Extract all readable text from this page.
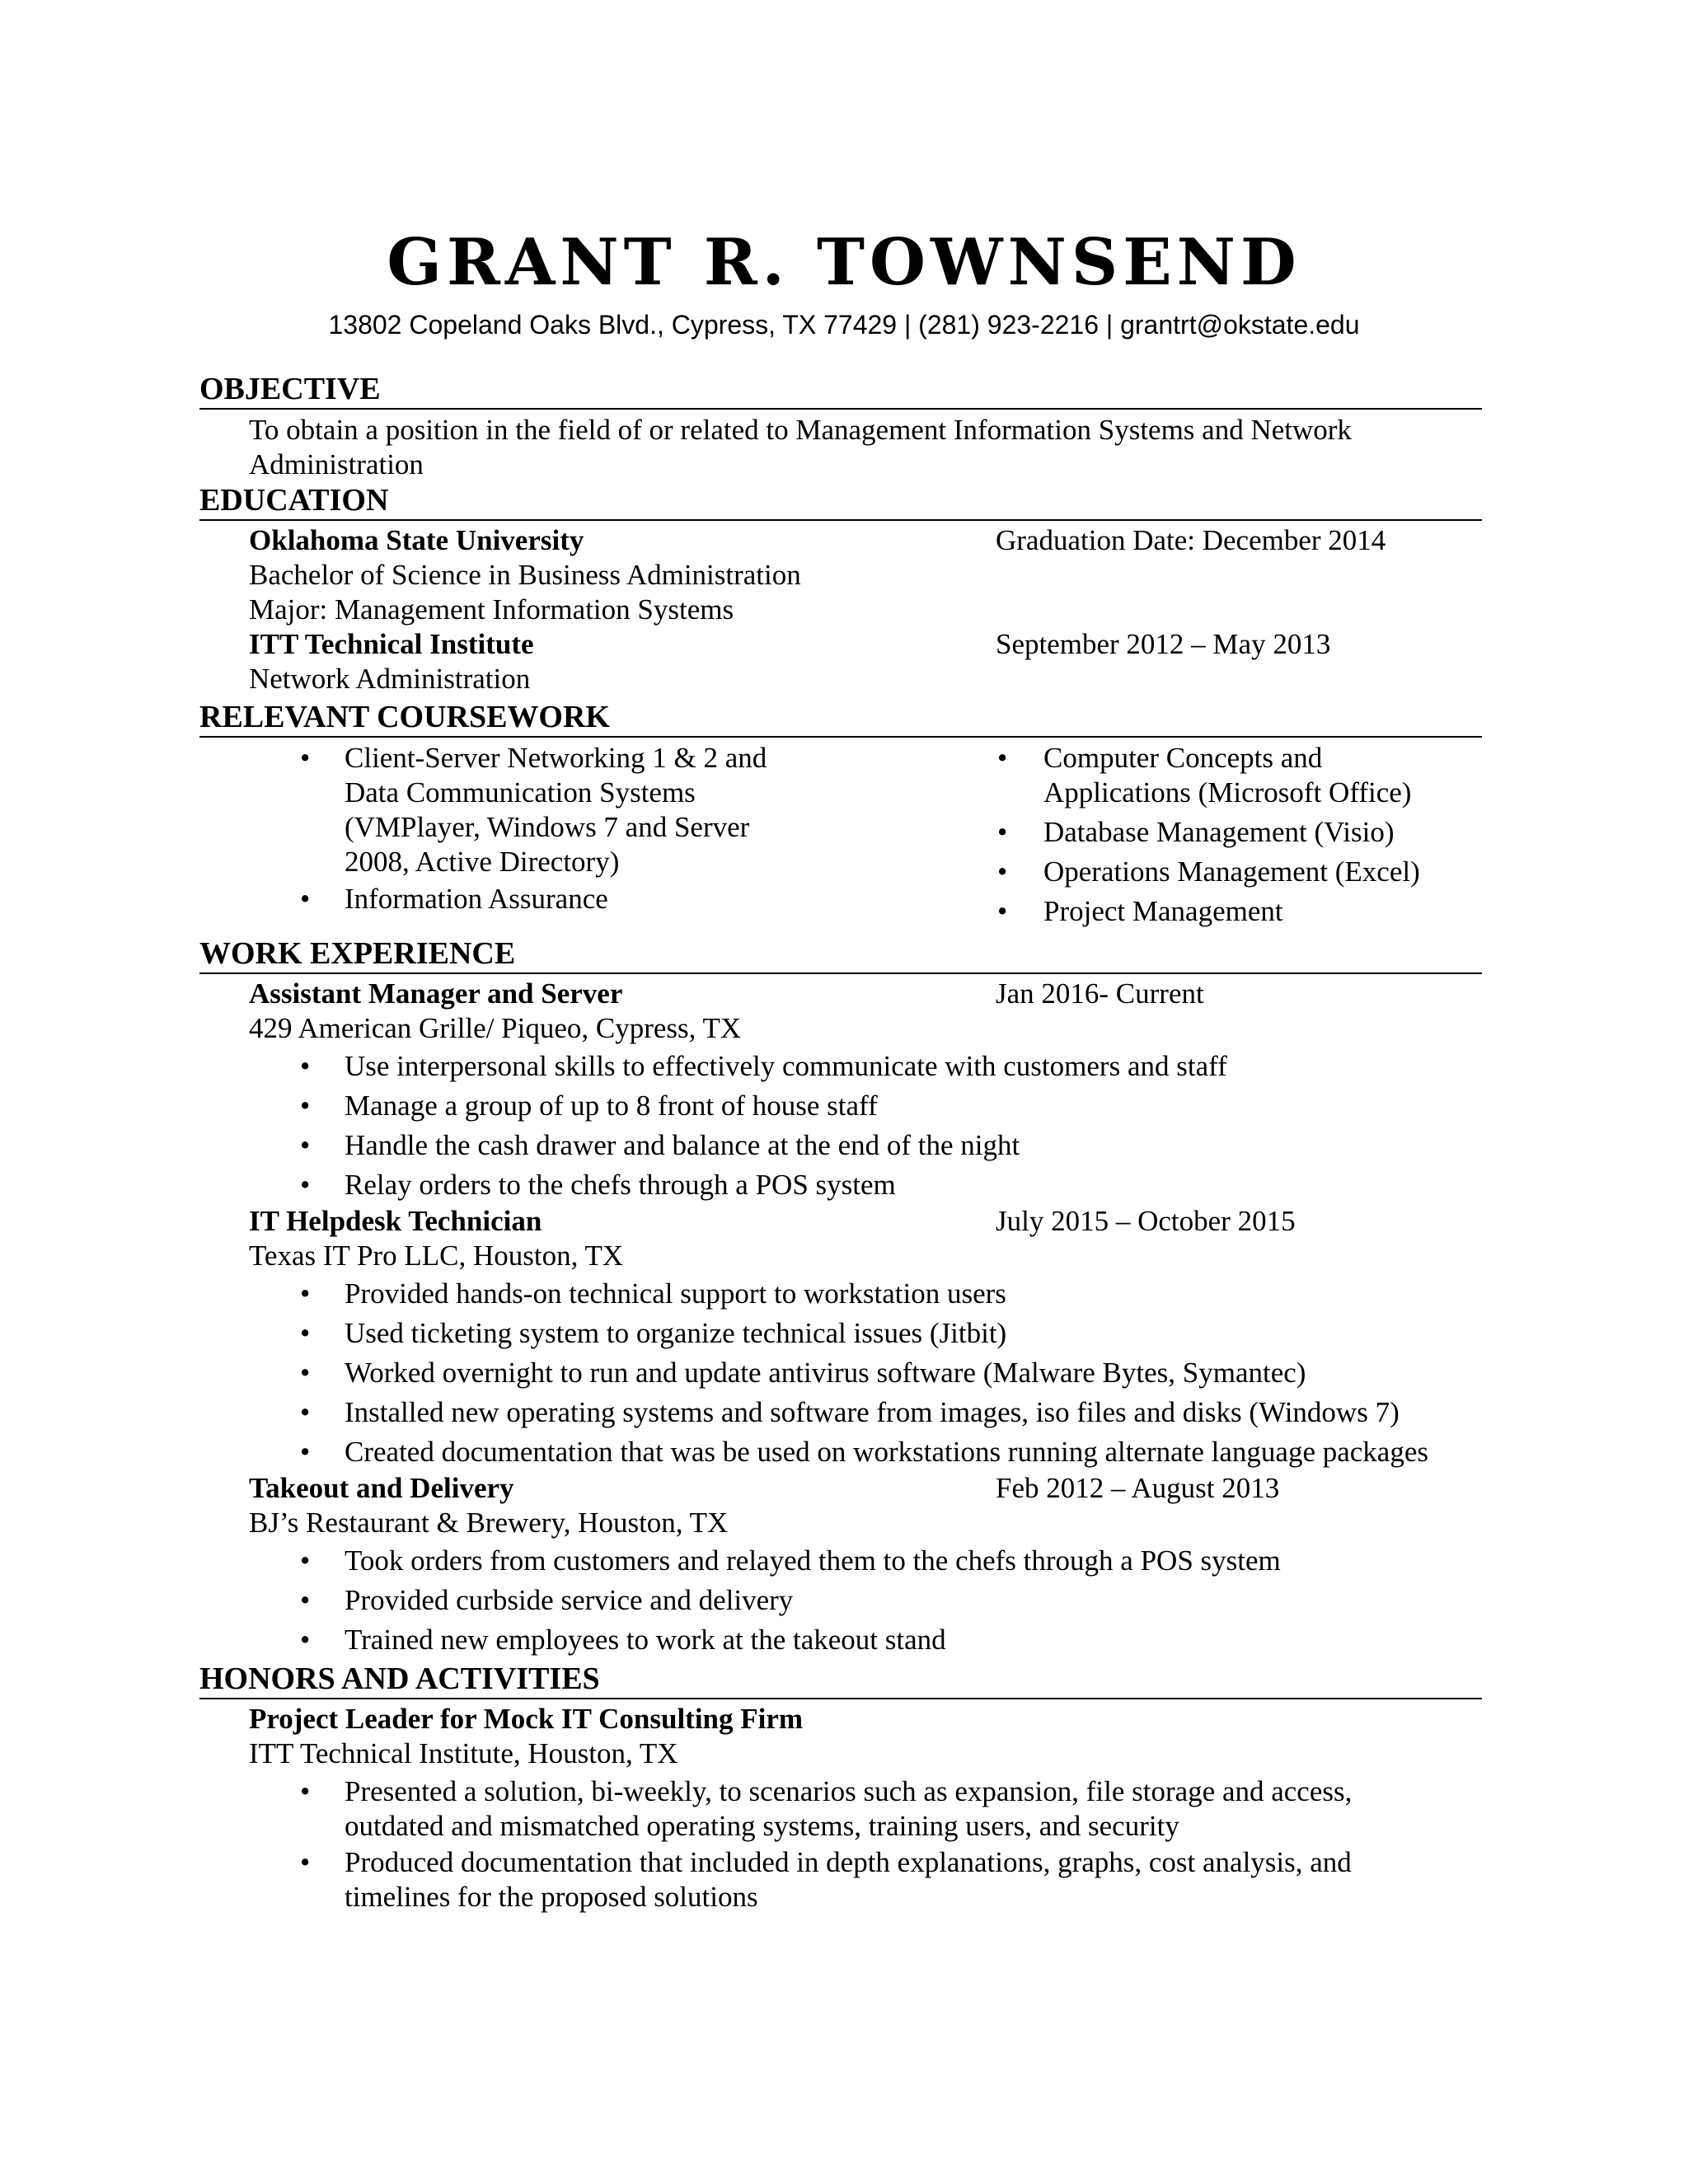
GRANT R. TOWNSEND
13802 Copeland Oaks Blvd., Cypress, TX 77429 | (281) 923-2216 | grantrt@okstate.edu
OBJECTIVE
To obtain a position in the field of or related to Management Information Systems and Network
Administration
EDUCATION
Oklahoma State University	Graduation Date: December 2014
Bachelor of Science in Business Administration
Major: Management Information Systems
ITT Technical Institute	September 2012 – May 2013
Network Administration
RELEVANT COURSEWORK
• Client-Server Networking 1 & 2 and
Data Communication Systems
(VMPlayer, Windows 7 and Server
2008, Active Directory)
• Information Assurance
• Computer Concepts and
Applications (Microsoft Office)
• Database Management (Visio)
• Operations Management (Excel)
• Project Management
WORK EXPERIENCE
Assistant Manager and Server	Jan 2016- Current
429 American Grille/ Piqueo, Cypress, TX
• Use interpersonal skills to effectively communicate with customers and staff
• Manage a group of up to 8 front of house staff
• Handle the cash drawer and balance at the end of the night
• Relay orders to the chefs through a POS system
IT Helpdesk Technician	July 2015 – October 2015
Texas IT Pro LLC, Houston, TX
• Provided hands-on technical support to workstation users
• Used ticketing system to organize technical issues (Jitbit)
• Worked overnight to run and update antivirus software (Malware Bytes, Symantec)
• Installed new operating systems and software from images, iso files and disks (Windows 7)
• Created documentation that was be used on workstations running alternate language packages
Takeout and Delivery	Feb 2012 – August 2013
BJ’s Restaurant & Brewery, Houston, TX
• Took orders from customers and relayed them to the chefs through a POS system
• Provided curbside service and delivery
• Trained new employees to work at the takeout stand
HONORS AND ACTIVITIES
Project Leader for Mock IT Consulting Firm
ITT Technical Institute, Houston, TX
• Presented a solution, bi-weekly, to scenarios such as expansion, file storage and access,
outdated and mismatched operating systems, training users, and security
• Produced documentation that included in depth explanations, graphs, cost analysis, and
timelines for the proposed solutions
